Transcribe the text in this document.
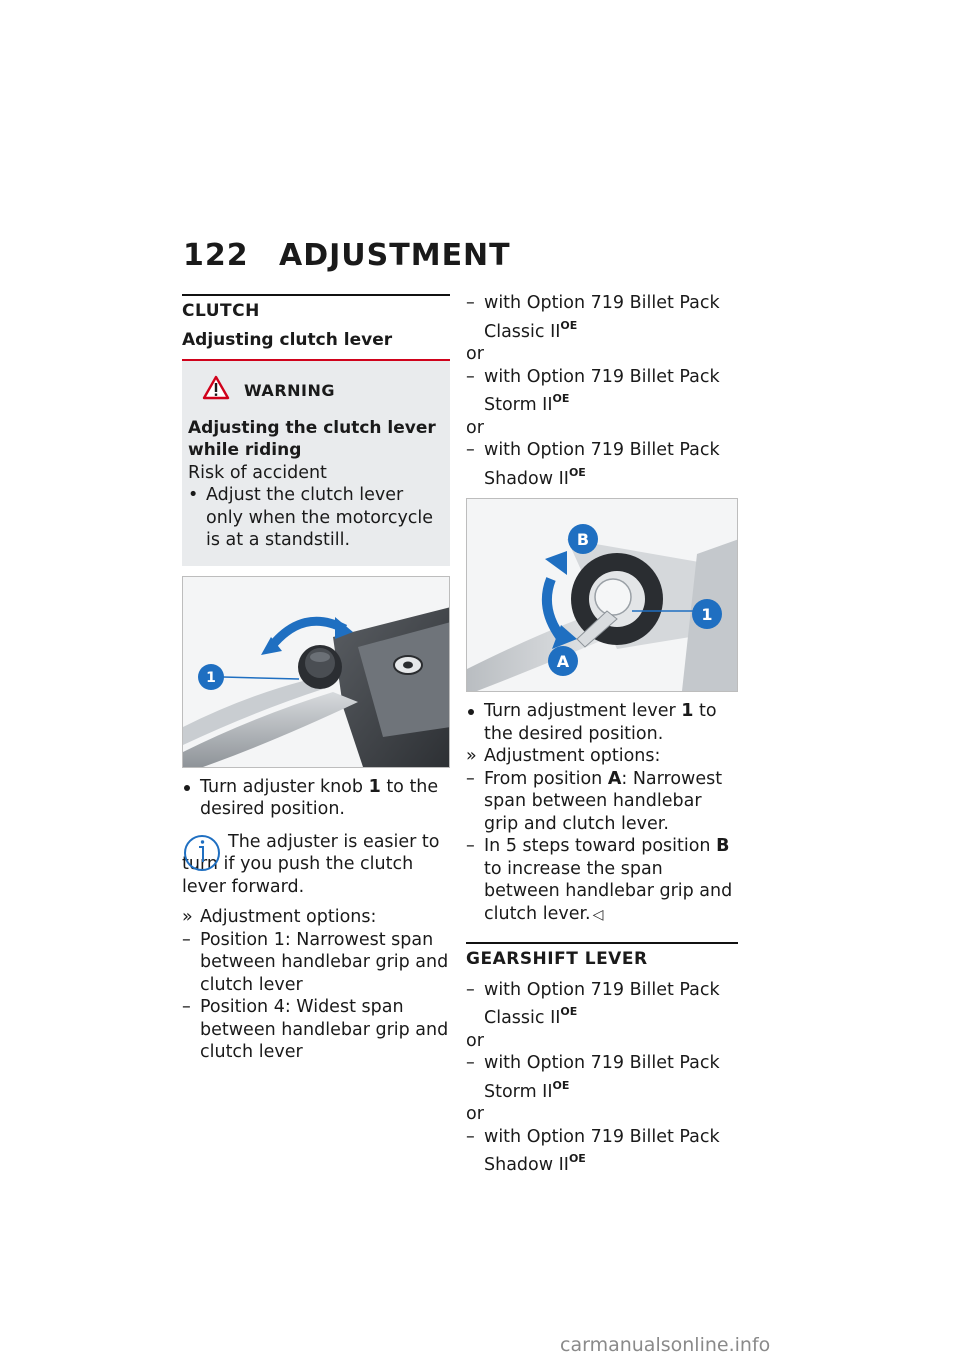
122 ADJUSTMENT
CLUTCH
Adjusting clutch lever
WARNING
Adjusting the clutch lever while riding
Risk of accident
• Adjust the clutch lever only when the motorcycle is at a standstill.
1
Turn adjuster knob 1 to the desired position.
The adjuster is easier to turn if you push the clutch lever forward.
» Adjustment options:
– Position 1: Narrowest span between handlebar grip and clutch lever
– Position 4: Widest span between handlebar grip and clutch lever
– with Option 719 Billet Pack Classic $II^{OE}$
or
– with Option 719 Billet Pack Storm $II^{OE}$
or
– with Option 719 Billet Pack Shadow $II^{OE}$
1
B
A
Turn adjustment lever 1 to the desired position.
» Adjustment options:
– From position A: Narrowest span between handlebar grip and clutch lever.
– In 5 steps toward position B to increase the span between handlebar grip and clutch lever. ◁
GEARSHIFT LEVER
– with Option 719 Billet Pack Classic $II^{OE}$
or
– with Option 719 Billet Pack Storm $II^{OE}$
or
– with Option 719 Billet Pack Shadow $II^{OE}$
carmanualsonline.info
